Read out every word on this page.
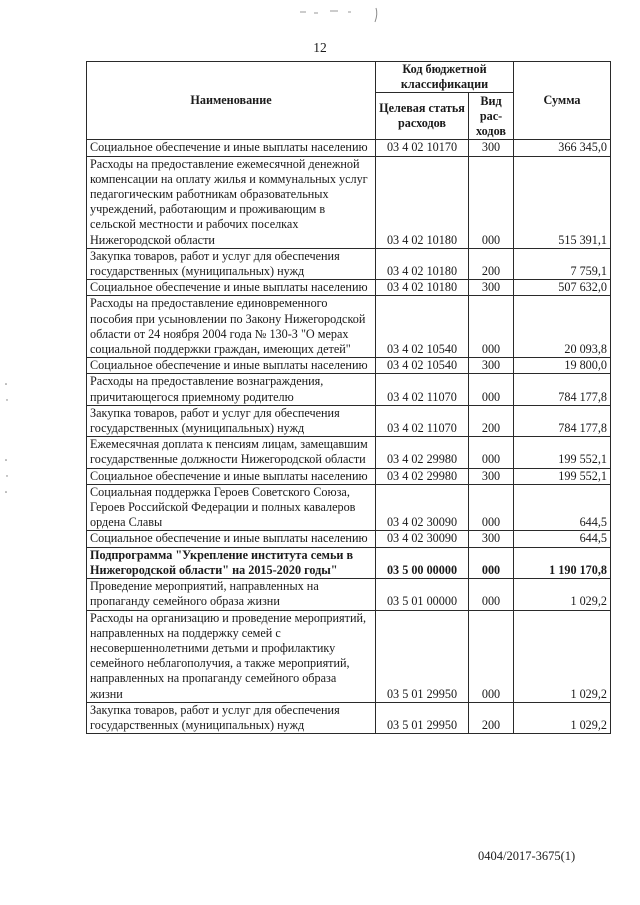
12
Наименование	Код бюджетной классификации		Сумма
	Целевая статья расходов	Вид рас-ходов	
Социальное обеспечение и иные выплаты населению	03 4 02 10170	300	366 345,0
Расходы на предоставление ежемесячной денежной компенсации на оплату жилья и коммунальных услуг педагогическим работникам образовательных учреждений, работающим и проживающим в сельской местности и рабочих поселках Нижегородской области	03 4 02 10180	000	515 391,1
Закупка товаров, работ и услуг для обеспечения государственных (муниципальных) нужд	03 4 02 10180	200	7 759,1
Социальное обеспечение и иные выплаты населению	03 4 02 10180	300	507 632,0
Расходы на предоставление единовременного пособия при усыновлении по Закону Нижегородской области от 24 ноября 2004 года № 130-З "О мерах социальной поддержки граждан, имеющих детей"	03 4 02 10540	000	20 093,8
Социальное обеспечение и иные выплаты населению	03 4 02 10540	300	19 800,0
Расходы на предоставление вознаграждения, причитающегося приемному родителю	03 4 02 11070	000	784 177,8
Закупка товаров, работ и услуг для обеспечения государственных (муниципальных) нужд	03 4 02 11070	200	784 177,8
Ежемесячная доплата к пенсиям лицам, замещавшим государственные должности Нижегородской области	03 4 02 29980	000	199 552,1
Социальное обеспечение и иные выплаты населению	03 4 02 29980	300	199 552,1
Социальная поддержка Героев Советского Союза, Героев Российской Федерации и полных кавалеров ордена Славы	03 4 02 30090	000	644,5
Социальное обеспечение и иные выплаты населению	03 4 02 30090	300	644,5
Подпрограмма "Укрепление института семьи в Нижегородской области" на 2015-2020 годы"	03 5 00 00000	000	1 190 170,8
Проведение мероприятий, направленных на пропаганду семейного образа жизни	03 5 01 00000	000	1 029,2
Расходы на организацию и проведение мероприятий, направленных на поддержку семей с несовершеннолетними детьми и профилактику семейного неблагополучия, а также мероприятий, направленных на пропаганду семейного образа жизни	03 5 01 29950	000	1 029,2
Закупка товаров, работ и услуг для обеспечения государственных (муниципальных) нужд	03 5 01 29950	200	1 029,2
0404/2017-3675(1)
